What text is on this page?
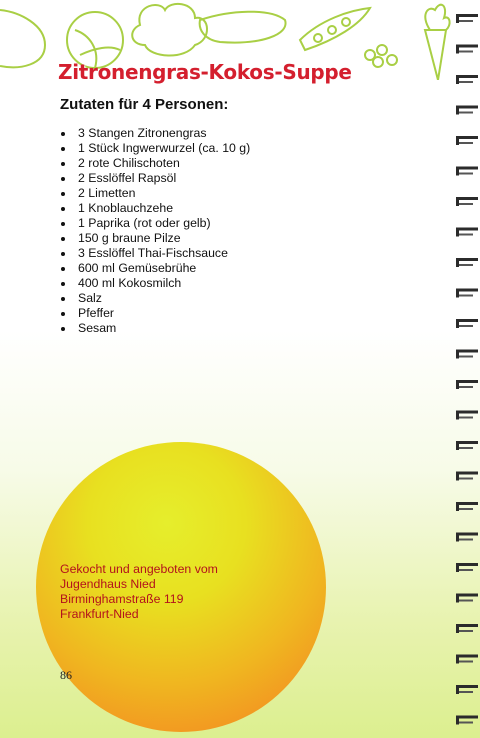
Zitronengras-Kokos-Suppe
Zutaten für 4 Personen:
3 Stangen Zitronengras
1 Stück Ingwerwurzel (ca. 10 g)
2 rote Chilischoten
2 Esslöffel Rapsöl
2 Limetten
1 Knoblauchzehe
1 Paprika (rot oder gelb)
150 g braune Pilze
3 Esslöffel Thai-Fischsauce
600 ml Gemüsebrühe
400 ml Kokosmilch
Salz
Pfeffer
Sesam
Gekocht und angeboten vom
Jugendhaus Nied
Birminghamstraße 119
Frankfurt-Nied
86
